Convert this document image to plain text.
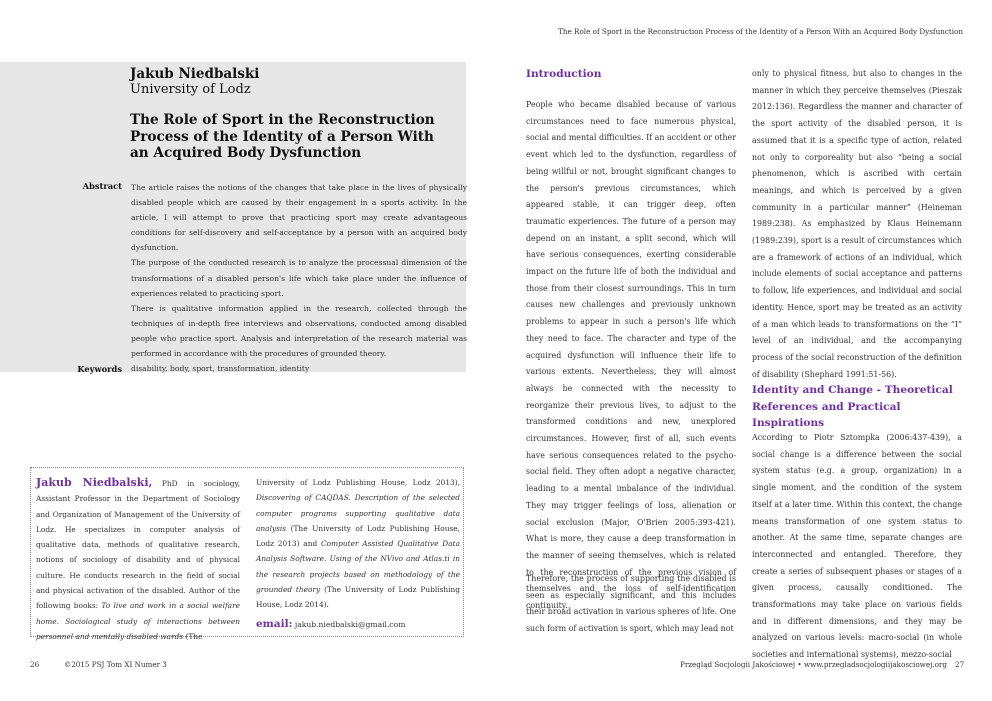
Jakub Niedbalski
University of Lodz
The Role of Sport in the Reconstruction Process of the Identity of a Person With an Acquired Body Dysfunction
Abstract The article raises the notions of the changes that take place in the lives of physically disabled people which are caused by their engagement in a sports activity. In the article, I will attempt to prove that practicing sport may create advantageous conditions for self-discovery and self-acceptance by a person with an acquired body dysfunction.

The purpose of the conducted research is to analyze the processual dimension of the transformations of a disabled person's life which take place under the influence of experiences related to practicing sport.

There is qualitative information applied in the research, collected through the techniques of in-depth free interviews and observations, conducted among disabled people who practice sport. Analysis and interpretation of the research material was performed in accordance with the procedures of grounded theory.

Keywords disability, body, sport, transformation, identity
Jakub Niedbalski, PhD in sociology, Assistant Professor in the Department of Sociology and Organization of Management of the University of Lodz. He specializes in computer analysis of qualitative data, methods of qualitative research, notions of sociology of disability and of physical culture. He conducts research in the field of social and physical activation of the disabled. Author of the following books: To live and work in a social welfare home. Sociological study of interactions between personnel and mentally disabled wards (The
University of Lodz Publishing House, Lodz 2013), Discovering of CAQDAS. Description of the selected computer programs supporting qualitative data analysis (The University of Lodz Publishing House, Lodz 2013) and Computer Assisted Qualitative Data Analysis Software. Using of the NVivo and Atlas.ti in the research projects based on methodology of the grounded theory (The University of Lodz Publishing House, Lodz 2014).
email: jakub.niedbalski@gmail.com
26	©2015 PSJ Tom XI Numer 3
The Role of Sport in the Reconstruction Process of the Identity of a Person With an Acquired Body Dysfunction
Introduction
People who became disabled because of various circumstances need to face numerous physical, social and mental difficulties. If an accident or other event which led to the dysfunction, regardless of being willful or not, brought significant changes to the person's previous circumstances, which appeared stable, it can trigger deep, often traumatic experiences. The future of a person may depend on an instant, a split second, which will have serious consequences, exerting considerable impact on the future life of both the individual and those from their closest surroundings. This in turn causes new challenges and previously unknown problems to appear in such a person's life which they need to face. The character and type of the acquired dysfunction will influence their life to various extents. Nevertheless, they will almost always be connected with the necessity to reorganize their previous lives, to adjust to the transformed conditions and new, unexplored circumstances. However, first of all, such events have serious consequences related to the psycho-social field. They often adopt a negative character, leading to a mental imbalance of the individual. They may trigger feelings of loss, alienation or social exclusion (Major, O'Brien 2005:393-421). What is more, they cause a deep transformation in the manner of seeing themselves, which is related to the reconstruction of the previous vision of themselves and the loss of self-identification continuity.
Therefore, the process of supporting the disabled is seen as especially significant, and this includes their broad activation in various spheres of life. One such form of activation is sport, which may lead not
only to physical fitness, but also to changes in the manner in which they perceive themselves (Pieszak 2012:136). Regardless the manner and character of the sport activity of the disabled person, it is assumed that it is a specific type of action, related not only to corporeality but also “being a social phenomenon, which is ascribed with certain meanings, and which is perceived by a given community in a particular manner” (Heineman 1989:238). As emphasized by Klaus Heinemann (1989:239), sport is a result of circumstances which are a framework of actions of an individual, which include elements of social acceptance and patterns to follow, life experiences, and individual and social identity. Hence, sport may be treated as an activity of a man which leads to transformations on the “I” level of an individual, and the accompanying process of the social reconstruction of the definition of disability (Shephard 1991:51-56).
Identity and Change - Theoretical References and Practical Inspirations
According to Piotr Sztompka (2006:437-439), a social change is a difference between the social system status (e.g. a group, organization) in a single moment, and the condition of the system itself at a later time. Within this context, the change means transformation of one system status to another. At the same time, separate changes are interconnected and entangled. Therefore, they create a series of subsequent phases or stages of a given process, causally conditioned. The transformations may take place on various fields and in different dimensions, and they may be analyzed on various levels: macro-social (in whole societies and international systems), mezzo-social
Przegląd Socjologii Jakościowej • www.przegladsocjologiijakosciowej.org 27
